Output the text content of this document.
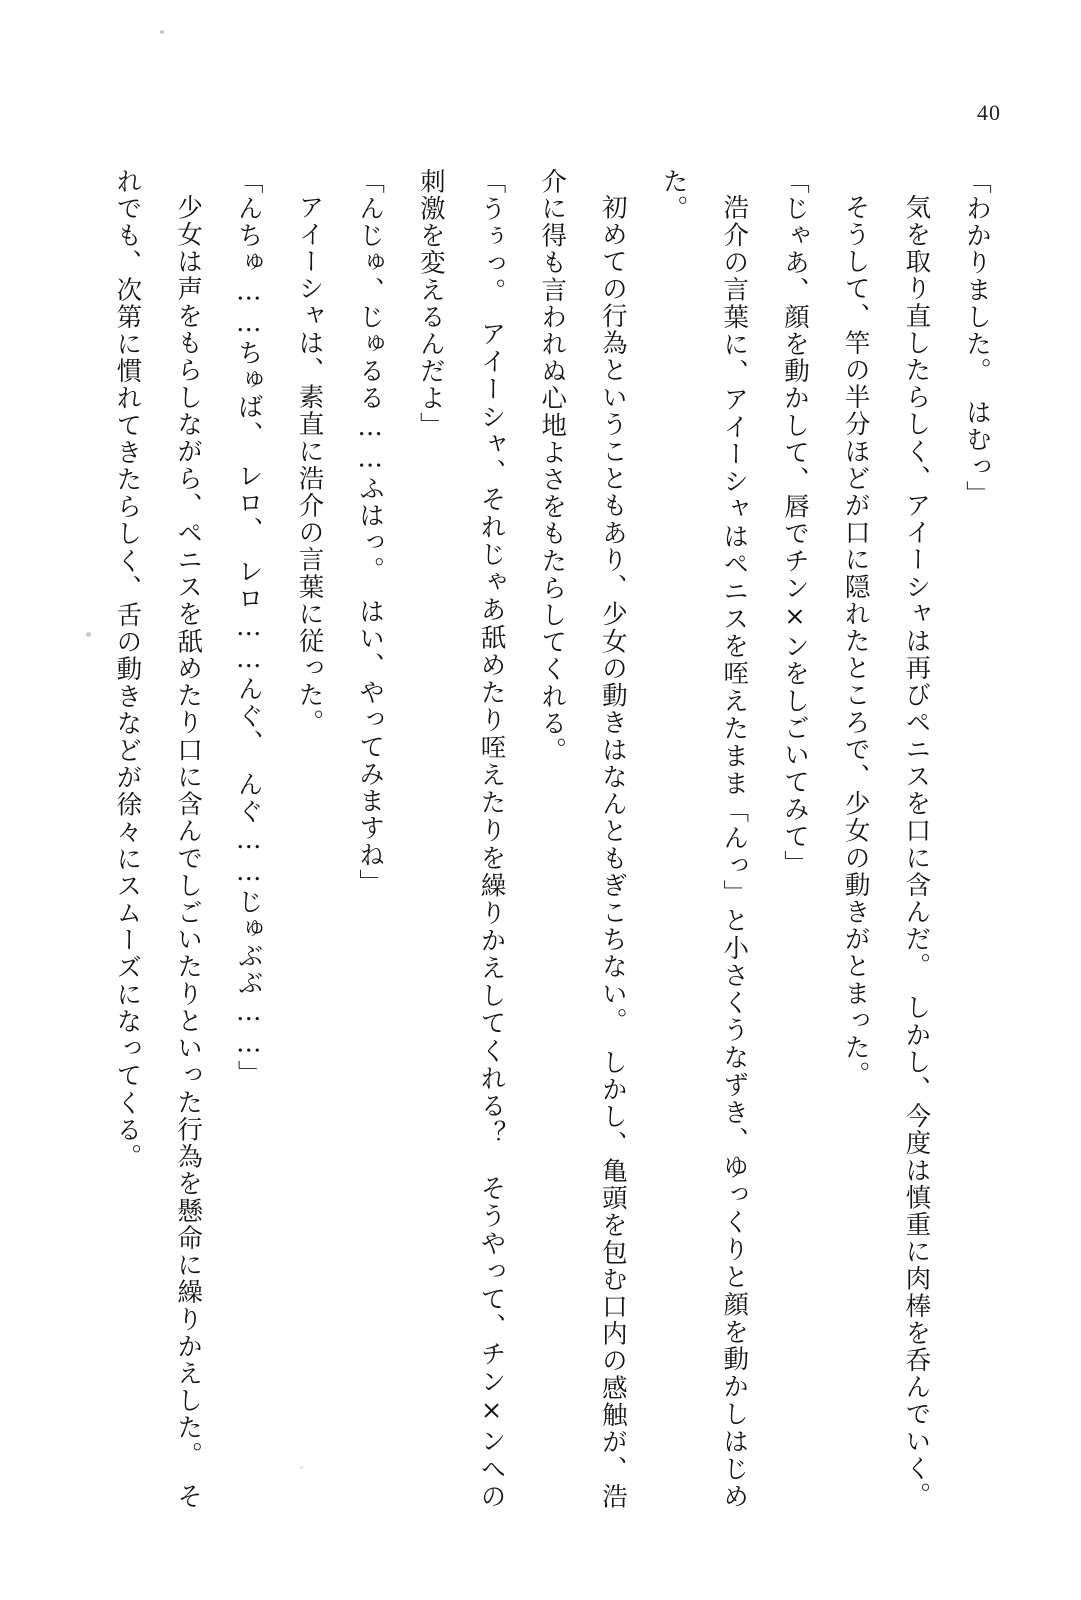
40

「わかりました。　はむっ」

気を取り直したらしく、アイーシャは再びペニスを口に含んだ。　しかし、今度は慎重に肉棒を呑んでいく。

そうして、竿の半分ほどが口に隠れたところで、少女の動きがとまった。

「じゃあ、顔を動かして、唇でチン×ンをしごいてみて」

浩介の言葉に、アイーシャはペニスを咥えたまま「んっ」と小さくうなずき、ゆっくりと顔を動かしはじめた。

初めての行為ということもあり、少女の動きはなんともぎこちない。　しかし、亀頭を包む口内の感触が、浩介に得も言われぬ心地よさをもたらしてくれる。

「うぅっ。　アイーシャ、それじゃあ舐めたり咥えたりを繰りかえしてくれる？　そうやって、チン×ンへの刺激を変えるんだよ」

「んじゅ、じゅるる……ふはっ。　はい、やってみますね」

アイーシャは、素直に浩介の言葉に従った。

「んちゅ……ちゅば、　レロ、　レロ……んぐ、　んぐ……じゅぶぶ……」

少女は声をもらしながら、ペニスを舐めたり口に含んでしごいたりといった行為を懸命に繰りかえした。　それでも、次第に慣れてきたらしく、舌の動きなどが徐々にスムーズになってくる。
